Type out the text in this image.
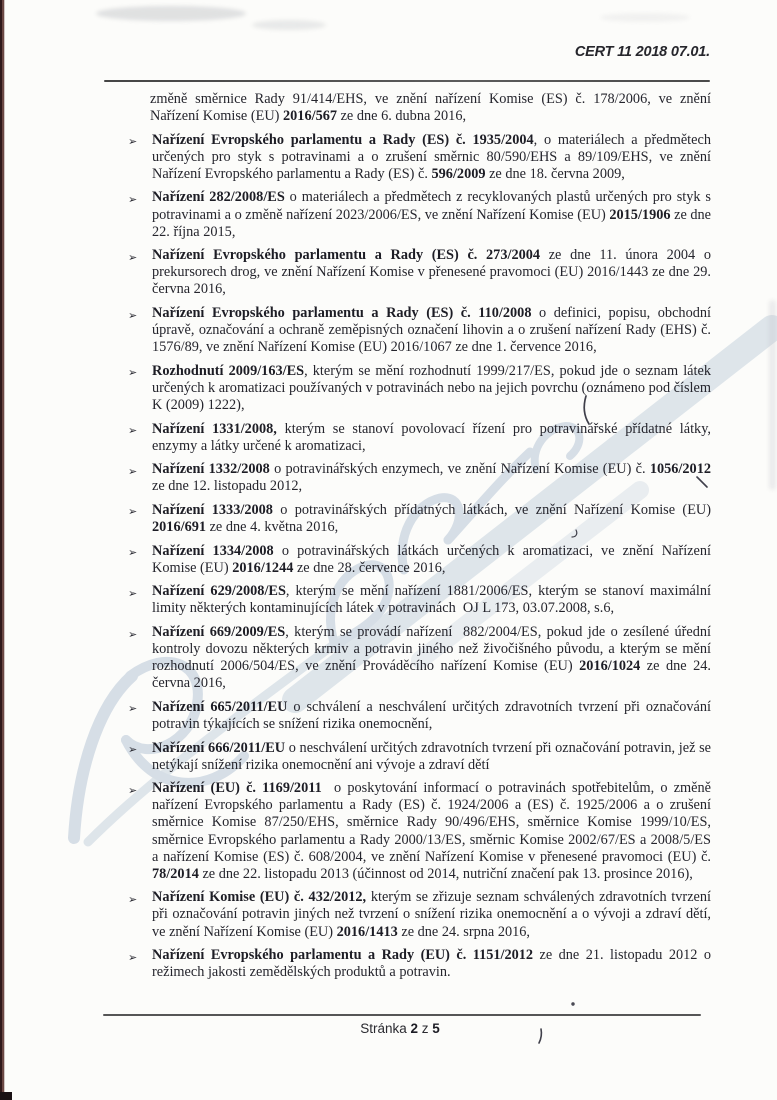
CERT 11 2018 07.01.
změně směrnice Rady 91/414/EHS, ve znění nařízení Komise (ES) č. 178/2006, ve znění Nařízení Komise (EU) 2016/567 ze dne 6. dubna 2016,
➢ Nařízení Evropského parlamentu a Rady (ES) č. 1935/2004, o materiálech a předmětech určených pro styk s potravinami a o zrušení směrnic 80/590/EHS a 89/109/EHS, ve znění Nařízení Evropského parlamentu a Rady (ES) č. 596/2009 ze dne 18. června 2009,
➢ Nařízení 282/2008/ES o materiálech a předmětech z recyklovaných plastů určených pro styk s potravinami a o změně nařízení 2023/2006/ES, ve znění Nařízení Komise (EU) 2015/1906 ze dne 22. října 2015,
➢ Nařízení Evropského parlamentu a Rady (ES) č. 273/2004 ze dne 11. února 2004 o prekursorech drog, ve znění Nařízení Komise v přenesené pravomoci (EU) 2016/1443 ze dne 29. června 2016,
➢ Nařízení Evropského parlamentu a Rady (ES) č. 110/2008 o definici, popisu, obchodní úpravě, označování a ochraně zeměpisných označení lihovin a o zrušení nařízení Rady (EHS) č. 1576/89, ve znění Nařízení Komise (EU) 2016/1067 ze dne 1. července 2016,
➢ Rozhodnutí 2009/163/ES, kterým se mění rozhodnutí 1999/217/ES, pokud jde o seznam látek určených k aromatizaci používaných v potravinách nebo na jejich povrchu (oznámeno pod číslem K (2009) 1222),
➢ Nařízení 1331/2008, kterým se stanoví povolovací řízení pro potravinářské přídatné látky, enzymy a látky určené k aromatizaci,
➢ Nařízení 1332/2008 o potravinářských enzymech, ve znění Nařízení Komise (EU) č. 1056/2012 ze dne 12. listopadu 2012,
➢ Nařízení 1333/2008 o potravinářských přídatných látkách, ve znění Nařízení Komise (EU) 2016/691 ze dne 4. května 2016,
➢ Nařízení 1334/2008 o potravinářských látkách určených k aromatizaci, ve znění Nařízení Komise (EU) 2016/1244 ze dne 28. července 2016,
➢ Nařízení 629/2008/ES, kterým se mění nařízení 1881/2006/ES, kterým se stanoví maximální limity některých kontaminujících látek v potravinách  OJ L 173, 03.07.2008, s.6,
➢ Nařízení 669/2009/ES, kterým se provádí nařízení  882/2004/ES, pokud jde o zesílené úřední kontroly dovozu některých krmiv a potravin jiného než živočišného původu, a kterým se mění rozhodnutí 2006/504/ES, ve znění Prováděcího nařízení Komise (EU) 2016/1024 ze dne 24. června 2016,
➢ Nařízení 665/2011/EU o schválení a neschválení určitých zdravotních tvrzení při označování potravin týkajících se snížení rizika onemocnění,
➢ Nařízení 666/2011/EU o neschválení určitých zdravotních tvrzení při označování potravin, jež se netýkají snížení rizika onemocnění ani vývoje a zdraví dětí
➢ Nařízení (EU) č. 1169/2011  o poskytování informací o potravinách spotřebitelům, o změně nařízení Evropského parlamentu a Rady (ES) č. 1924/2006 a (ES) č. 1925/2006 a o zrušení směrnice Komise 87/250/EHS, směrnice Rady 90/496/EHS, směrnice Komise 1999/10/ES, směrnice Evropského parlamentu a Rady 2000/13/ES, směrnic Komise 2002/67/ES a 2008/5/ES a nařízení Komise (ES) č. 608/2004, ve znění Nařízení Komise v přenesené pravomoci (EU) č. 78/2014 ze dne 22. listopadu 2013 (účinnost od 2014, nutriční značení pak 13. prosince 2016),
➢ Nařízení Komise (EU) č. 432/2012, kterým se zřizuje seznam schválených zdravotních tvrzení při označování potravin jiných než tvrzení o snížení rizika onemocnění a o vývoji a zdraví dětí, ve znění Nařízení Komise (EU) 2016/1413 ze dne 24. srpna 2016,
➢ Nařízení Evropského parlamentu a Rady (EU) č. 1151/2012 ze dne 21. listopadu 2012 o režimech jakosti zemědělských produktů a potravin.
Stránka 2 z 5
